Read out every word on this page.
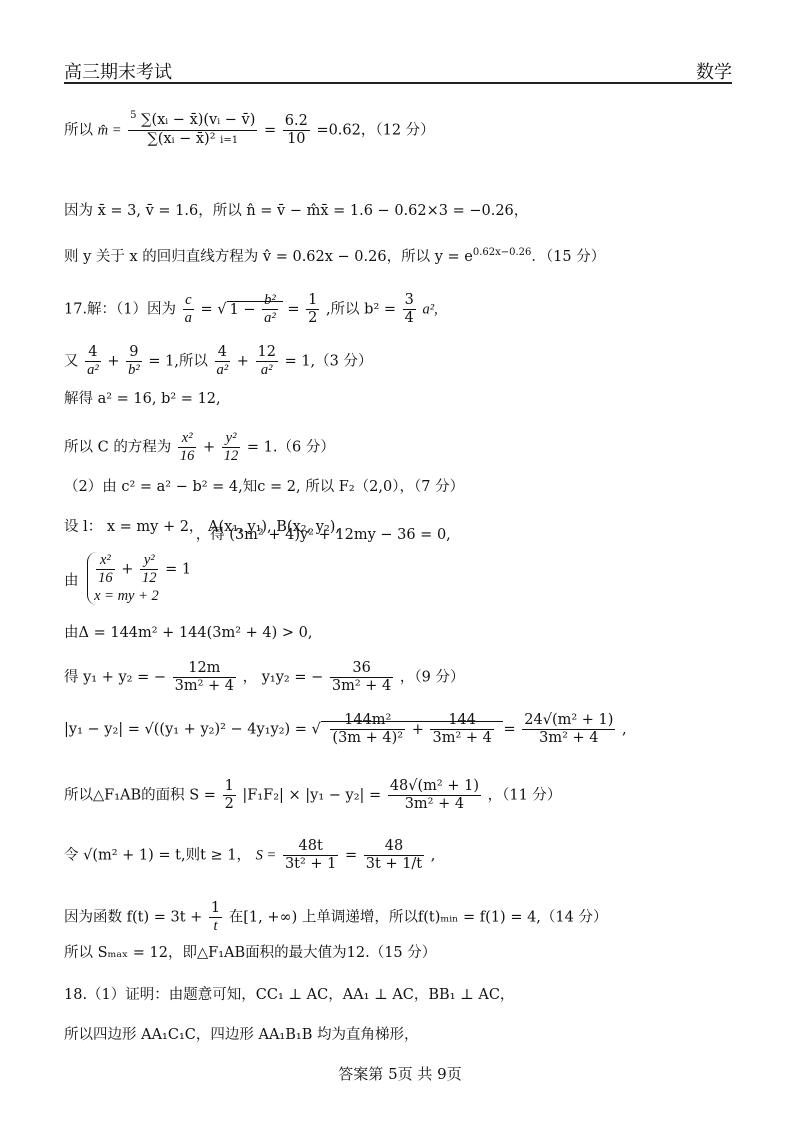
高三期末考试	数学
所以 m̂ = $\frac{^5 \sum(xᵢ - x̄)(vᵢ - v̄)}{\text{∑(xᵢ − x̄)² i=1}} = \frac{6.2}{10} =0.62$，（12 分）
因为 x̄ = 3, v̄ = 1.6，所以 n̂ = v̄ − m̂x̄ = 1.6 − 0.62×3 = −0.26，
则 y 关于 x 的回归直线方程为 v̂ = 0.62x − 0.26，所以 $y = e^{0.62x-0.26}$．（15 分）
17.解：（1）因为 $\frac{c}{a}$ = √ $1 - \frac{\text{b²}}{\text{a²}} = \frac{1}{2}$ ,所以 $b^2 = \frac{3}{4} a^2$,
又 $\frac{4}{\text{a²}} + \frac{9}{\text{b²}} = 1$,所以 $\frac{4}{\text{a²}} + \frac{12}{\text{a²}} = 1,(3$ 分）
解得 a² = 16, b² = 12,
所以 C 的方程为 $\frac{\text{x²}}{16} + \frac{\text{y²}}{12} = 1.(6$ 分）
（2）由 c² = a² − b² = 4,知c = 2, 所以 F₂（2,0），（7 分）
设 l： x = my + 2， A(x₁, y₁), B(x₂, y₂),
由 $\frac{\text{x²}}{16} + \frac{\text{y²}}{12} = 1$
x = my + 2
，得 (3m² + 4)y² + 12my − 36 = 0,
由Δ = 144m² + 144(3m² + 4) > 0,
得 y₁ + y₂ = − $\frac{12m}{\text{3m² + 4}}$ ， y₁y₂ = − $\frac{36}{\text{3m² + 4}}$ ，（9 分）
|y₁ − y₂| = √((y₁ + y₂)² − 4y₁y₂) = √ $\frac{\text{144m²}}{\text{(3m + 4)²}} + \frac{144}{\text{3m² + 4}} = \frac{\text{24√(m² + 1)}}{\text{3m² + 4}}$ ,
所以△F₁AB的面积 $S = \frac{1}{2} |F_1F_2| \times |y_1 - y_2| = \frac{\text{48√(m² + 1)}}{\text{3m² + 4}}$ ，（11 分）
令 √(m² + 1) = t,则t ≥ 1， $S = \frac{48t}{\text{3t² + 1}} = \frac{48}{3t + 1/t}$ ,
因为函数 $f(t) = 3t + \frac{1}{t}$ 在[1, +∞) 上单调递增，所以f(t)ₘᵢₙ = f(1) = 4,（14 分）
所以 Sₘₐₓ = 12，即△F₁AB面积的最大值为12.（15 分）
18.（1）证明：由题意可知，CC₁ ⊥ AC，AA₁ ⊥ AC，BB₁ ⊥ AC，
所以四边形 AA₁C₁C，四边形 AA₁B₁B 均为直角梯形，
答案第 5页 共 9页
